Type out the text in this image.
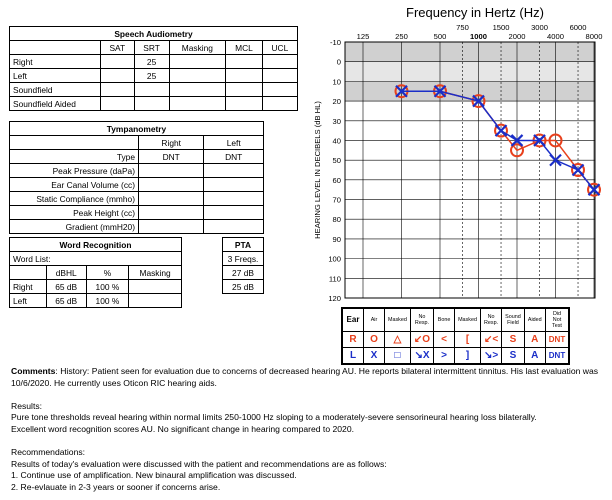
Speech Audiometry					
	SAT	SRT	Masking	MCL	UCL
Right		25			
Left		25			
Soundfield					
Soundfield Aided					
Tympanometry		
	Right	Left
Type	DNT	DNT
Peak Pressure (daPa)		
Ear Canal Volume (cc)		
Static Compliance (mmho)		
Peak Height (cc)		
Gradient (mmH20)		
Word Recognition			
Word List:			
	dBHL	%	Masking
Right	65 dB	100 %	
Left	65 dB	100 %	
PTA
3 Freqs.
27 dB
25 dB
Frequency in Hertz (Hz)
-10
0
10
20
30
40
50
60
70
80
90
100
110
120
125	250	500	1000	2000	4000	8000
750	1500	3000	6000
HEARING LEVEL IN DECIBELS (dB HL)
Ear	Air	Masked	No Resp.	Bone	Masked	No Resp.	Sound Field	Aided	Did Not Test
R	O	△	↙O	<	[	↙<	S	A	DNT
L	X	□	↘X	>	]	↘>	S	A	DNT
Comments: History: Patient seen for evaluation due to concerns of decreased hearing AU. He reports bilateral intermittent tinnitus. His last evaluation was 10/6/2020. He currently uses Oticon RIC hearing aids.
Results:
Pure tone thresholds reveal hearing within normal limits 250-1000 Hz sloping to a moderately-severe sensorineural hearing loss bilaterally.
Excellent word recognition scores AU. No significant change in hearing compared to 2020.
Recommendations:
Results of today's evaluation were discussed with the patient and recommendations are as follows:
1. Continue use of amplification. New binaural amplification was discussed.
2. Re-evlauate in 2-3 years or sooner if concerns arise.
